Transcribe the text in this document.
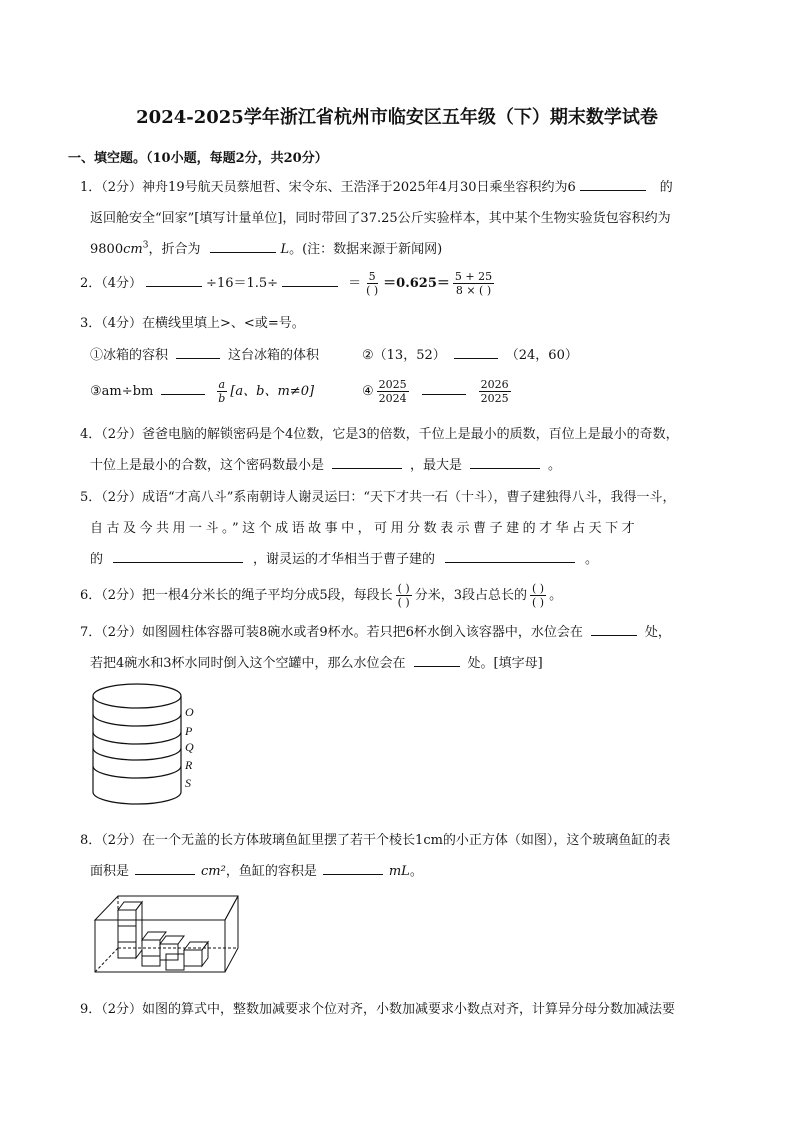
2024-2025学年浙江省杭州市临安区五年级（下）期末数学试卷
一、填空题。（10小题，每题2分，共20分）
1．（2分）神舟19号航天员蔡旭哲、宋令东、王浩泽于2025年4月30日乘坐容积约为6	的
返回舱安全“回家”[填写计量单位]，同时带回了37.25公斤实验样本，其中某个生物实验货包容积约为
$9800cm^3$，折合为	L。(注：数据来源于新闻网)
2．（4分）	÷16＝1.5÷	＝ $\frac{5}{( )} =0.625= \frac{5 + 25}{8 \times ( )}$
3．（4分）在横线里填上>、<或=号。
①冰箱的容积	这台冰箱的体积	②（13，52）	（24，60）
③am÷bm	$\frac{a}{b} [a$、b、m≠0]	④ $\frac{2025}{2024}$	$\frac{2026}{2025}$
4．（2分）爸爸电脑的解锁密码是个4位数，它是3的倍数，千位上是最小的质数，百位上是最小的奇数，
十位上是最小的合数，这个密码数最小是	，最大是	。
5．（2分）成语“才高八斗”系南朝诗人谢灵运曰：“天下才共一石（十斗），曹子建独得八斗，我得一斗，
自古及今共用一斗。”这个成语故事中，可用分数表示曹子建的才华占天下才
的	，谢灵运的才华相当于曹子建的	。
6．（2分）把一根4分米长的绳子平均分成5段，每段长 $\frac{( )}{( )}$ 分米，3段占总长的 $\frac{( )}{( )}$ 。
7．（2分）如图圆柱体容器可装8碗水或者9杯水。若只把6杯水倒入该容器中，水位会在	处，
若把4碗水和3杯水同时倒入这个空罐中，那么水位会在	处。[填字母]
O
P
Q
R
S
8．（2分）在一个无盖的长方体玻璃鱼缸里摆了若干个棱长1cm的小正方体（如图），这个玻璃鱼缸的表
面积是	cm²，鱼缸的容积是	mL。
9．（2分）如图的算式中，整数加减要求个位对齐，小数加减要求小数点对齐，计算异分母分数加减法要
